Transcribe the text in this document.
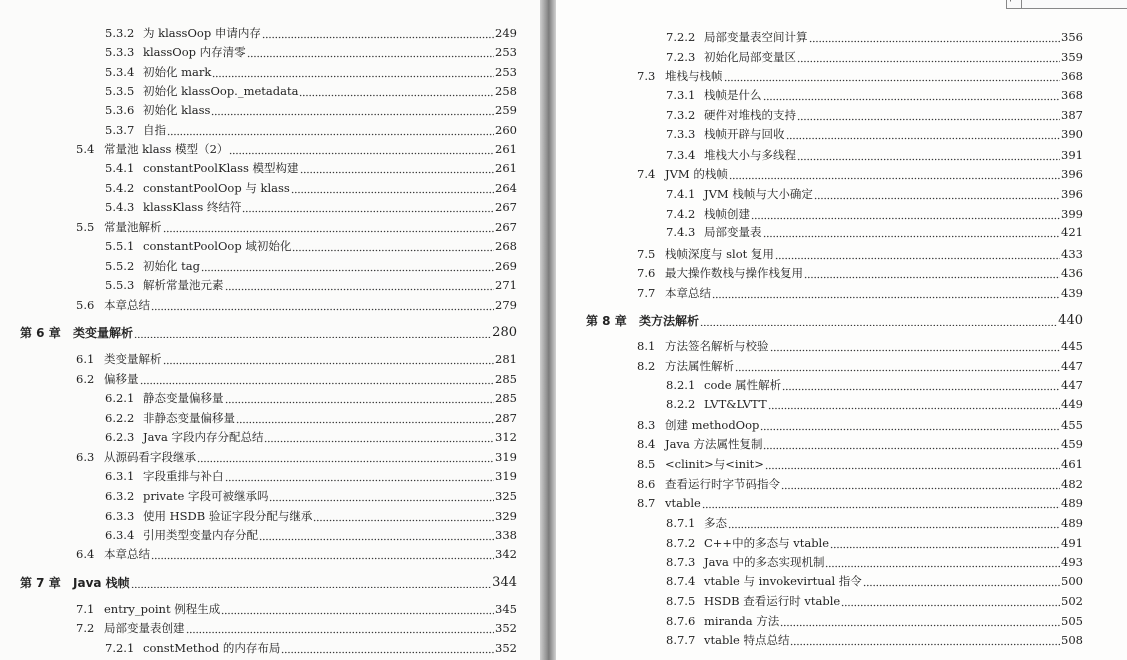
5.3.2 为 klassOop 申请内存	249
5.3.3 klassOop 内存清零	253
5.3.4 初始化 mark	253
5.3.5 初始化 klassOop._metadata	258
5.3.6 初始化 klass	259
5.3.7 自指	260
5.4 常量池 klass 模型（2）	261
5.4.1 constantPoolKlass 模型构建	261
5.4.2 constantPoolOop 与 klass	264
5.4.3 klassKlass 终结符	267
5.5 常量池解析	267
5.5.1 constantPoolOop 域初始化	268
5.5.2 初始化 tag	269
5.5.3 解析常量池元素	271
5.6 本章总结	279
第 6 章	类变量解析	280
6.1 类变量解析	281
6.2 偏移量	285
6.2.1 静态变量偏移量	285
6.2.2 非静态变量偏移量	287
6.2.3 Java 字段内存分配总结	312
6.3 从源码看字段继承	319
6.3.1 字段重排与补白	319
6.3.2 private 字段可被继承吗	325
6.3.3 使用 HSDB 验证字段分配与继承	329
6.3.4 引用类型变量内存分配	338
6.4 本章总结	342
第 7 章	Java 栈帧	344
7.1 entry_point 例程生成	345
7.2 局部变量表创建	352
7.2.1 constMethod 的内存布局	352
7.2.2 局部变量表空间计算	356
7.2.3 初始化局部变量区	359
7.3 堆栈与栈帧	368
7.3.1 栈帧是什么	368
7.3.2 硬件对堆栈的支持	387
7.3.3 栈帧开辟与回收	390
7.3.4 堆栈大小与多线程	391
7.4 JVM 的栈帧	396
7.4.1 JVM 栈帧与大小确定	396
7.4.2 栈帧创建	399
7.4.3 局部变量表	421
7.5 栈帧深度与 slot 复用	433
7.6 最大操作数栈与操作栈复用	436
7.7 本章总结	439
第 8 章	类方法解析	440
8.1 方法签名解析与校验	445
8.2 方法属性解析	447
8.2.1 code 属性解析	447
8.2.2 LVT&LVTT	449
8.3 创建 methodOop	455
8.4 Java 方法属性复制	459
8.5 <clinit>与<init>	461
8.6 查看运行时字节码指令	482
8.7 vtable	489
8.7.1 多态	489
8.7.2 C++中的多态与 vtable	491
8.7.3 Java 中的多态实现机制	493
8.7.4 vtable 与 invokevirtual 指令	500
8.7.5 HSDB 查看运行时 vtable	502
8.7.6 miranda 方法	505
8.7.7 vtable 特点总结	508
⌐
